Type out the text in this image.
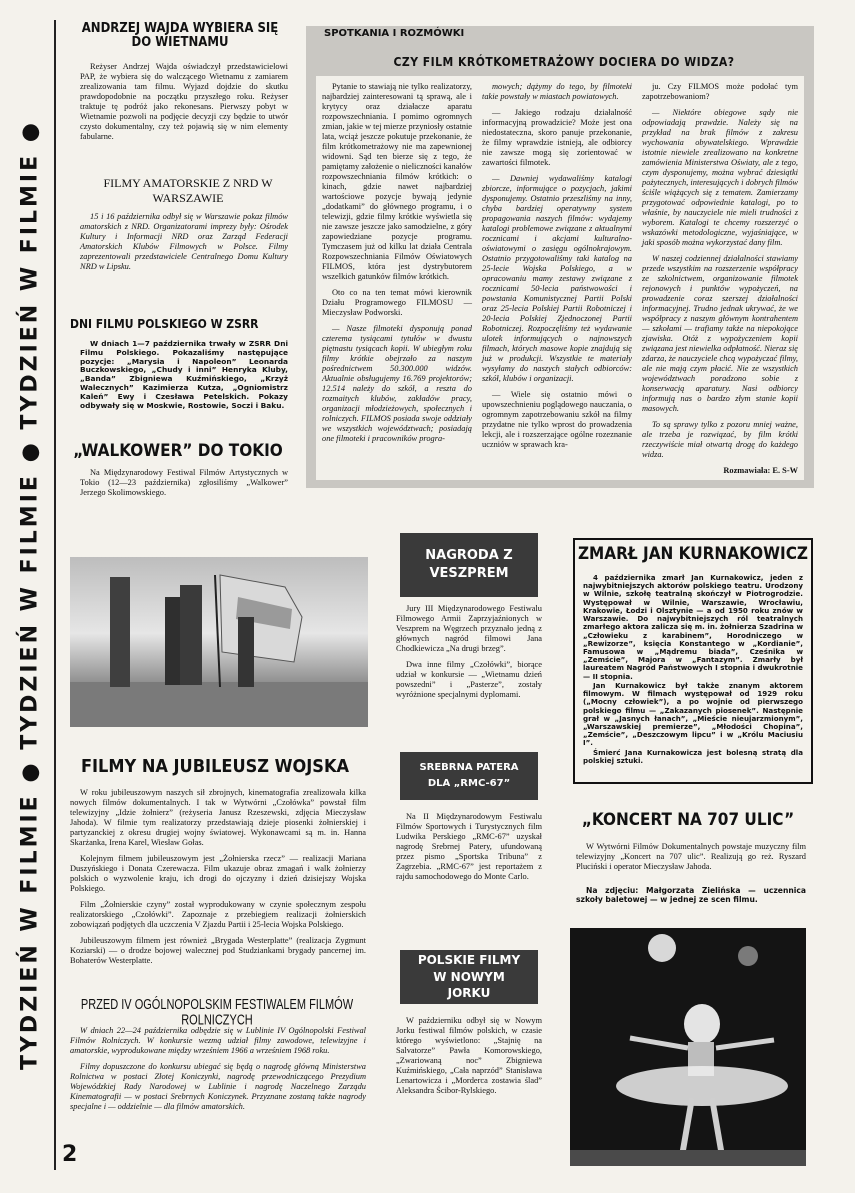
TYDZIEŃ W FILMIE ● TYDZIEŃ W FILMIE ● TYDZIEŃ W FILMIE ●
2
ANDRZEJ WAJDA WYBIERA SIĘ DO WIETNAMU
Reżyser Andrzej Wajda oświadczył przedstawicielowi PAP, że wybiera się do walczącego Wietnamu z zamiarem zrealizowania tam filmu. Wyjazd dojdzie do skutku prawdopodobnie na początku przyszłego roku. Reżyser traktuje tę podróż jako rekonesans. Pierwszy pobyt w Wietnamie pozwoli na podjęcie decyzji czy będzie to utwór czysto dokumentalny, czy też pojawią się w nim elementy fabularne.
FILMY AMATORSKIE Z NRD W WARSZAWIE
15 i 16 października odbył się w Warszawie pokaz filmów amatorskich z NRD. Organizatorami imprezy były: Ośrodek Kultury i Informacji NRD oraz Zarząd Federacji Amatorskich Klubów Filmowych w Polsce. Filmy zaprezentowali przedstawiciele Centralnego Domu Kultury NRD w Lipsku.
DNI FILMU POLSKIEGO W ZSRR
W dniach 1—7 października trwały w ZSRR Dni Filmu Polskiego. Pokazaliśmy następujące pozycje: „Marysia i Napoleon” Leonarda Buczkowskiego, „Chudy i inni” Henryka Kluby, „Banda” Zbigniewa Kuźmińskiego, „Krzyż Walecznych” Kazimierza Kutza, „Ogniomistrz Kaleń” Ewy i Czesława Petelskich. Pokazy odbywały się w Moskwie, Rostowie, Soczi i Baku.
„WALKOWER” DO TOKIO
Na Międzynarodowy Festiwal Filmów Artystycznych w Tokio (12—23 października) zgłosiliśmy „Walkower” Jerzego Skolimowskiego.
SPOTKANIA I ROZMÓWKI
CZY FILM KRÓTKOMETRAŻOWY DOCIERA DO WIDZA?

Pytanie to stawiają nie tylko realizatorzy, najbardziej zainteresowani tą sprawą, ale i krytycy oraz działacze aparatu rozpowszechniania. I pomimo ogromnych zmian, jakie w tej mierze przyniosły ostatnie lata, wciąż jeszcze pokutuje przekonanie, że film krótkometrażowy nie ma zapewnionej widowni. Sąd ten bierze się z tego, że pamiętamy założenie o nieliczności kanałów rozpowszechniania filmów krótkich: o kinach, gdzie nawet najbardziej wartościowe pozycje bywają jedynie „dodatkami” do głównego programu, i o telewizji, gdzie filmy krótkie wyświetla się nie zawsze jeszcze jako samodzielne, z góry zapowiedziane pozycje programu. Tymczasem już od kilku lat działa Centrala Rozpowszechniania Filmów Oświatowych FILMOS, która jest dystrybutorem wszelkich gatunków filmów krótkich.

Oto co na ten temat mówi kierownik Działu Programowego FILMOSU — Mieczysław Podworski.

— Nasze filmoteki dysponują ponad czterema tysiącami tytułów w dwustu piętnastu tysiącach kopii. W ubiegłym roku filmy krótkie obejrzało za naszym pośrednictwem 50.300.000 widzów. Aktualnie obsługujemy 16.769 projektorów; 12.514 należy do szkół, a reszta do rozmaitych klubów, zakładów pracy, organizacji młodzieżowych, społecznych i rolniczych. FILMOS posiada swoje oddziały we wszystkich województwach; posiadają one filmoteki i pracowników progra-

mowych; dążymy do tego, by filmoteki takie powstały w miastach powiatowych.

— Jakiego rodzaju działalność informacyjną prowadzicie? Może jest ona niedostateczna, skoro panuje przekonanie, że filmy wprawdzie istnieją, ale odbiorcy nie zawsze mogą się zorientować w zawartości filmotek.

— Dawniej wydawaliśmy katalogi zbiorcze, informujące o pozycjach, jakimi dysponujemy. Ostatnio przeszliśmy na inny, chyba bardziej operatywny system propagowania naszych filmów: wydajemy katalogi problemowe związane z aktualnymi rocznicami i akcjami kulturalno-oświatowymi o zasięgu ogólnokrajowym. Ostatnio przygotowaliśmy taki katalog na 25-lecie Wojska Polskiego, a w opracowaniu mamy zestawy związane z rocznicami 50-lecia państwowości i powstania Komunistycznej Partii Polski oraz 25-lecia Polskiej Partii Robotniczej i 20-lecia Polskiej Zjednoczonej Partii Robotniczej. Rozpoczęliśmy też wydawanie ulotek informujących o najnowszych filmach, których masowe kopie znajdują się już w produkcji. Wszystkie te materiały wysyłamy do naszych stałych odbiorców: szkół, klubów i organizacji.

— Wiele się ostatnio mówi o upowszechnieniu poglądowego nauczania, o ogromnym zapotrzebowaniu szkół na filmy przydatne nie tylko wprost do prowadzenia lekcji, ale i rozszerzające ogólne rozeznanie uczniów w sprawach kra-

ju. Czy FILMOS może podołać tym zapotrzebowaniom?

— Niektóre obiegowe sądy nie odpowiadają prawdzie. Należy się na przykład na brak filmów z zakresu wychowania obywatelskiego. Wprawdzie istotnie niewiele zrealizowano na konkretne zamówienia Ministerstwa Oświaty, ale z tego, czym dysponujemy, można wybrać dziesiątki pożytecznych, interesujących i dobrych filmów ściśle wiążących się z tematem. Zamierzamy przygotować odpowiednie katalogi, po to właśnie, by nauczyciele nie mieli trudności z wyborem. Katalogi te chcemy rozszerzyć o wskazówki metodologiczne, wyjaśniające, w jaki sposób można wykorzystać dany film.

W naszej codziennej działalności stawiamy przede wszystkim na rozszerzenie współpracy ze szkolnictwem, organizowanie filmotek rejonowych i punktów wypożyczeń, na prowadzenie coraz szerszej działalności informacyjnej. Trudno jednak ukrywać, że we współpracy z naszym głównym kontrahentem — szkołami — trafiamy także na niepokojące zjawiska. Otóż z wypożyczeniem kopii związana jest niewielka odpłatność. Nieraz się zdarza, że nauczyciele chcą wypożyczać filmy, ale nie mają czym płacić. Nie ze wszystkich województwach poradzono sobie z konserwacją aparatury. Nasi odbiorcy informują nas o bardzo złym stanie kopii masowych.

To są sprawy tylko z pozoru mniej ważne, ale trzeba je rozwiązać, by film krótki rzeczywiście miał otwartą drogę do każdego widza.

Rozmawiała: E. S-W
FILMY NA JUBILEUSZ WOJSKA

W roku jubileuszowym naszych sił zbrojnych, kinematografia zrealizowała kilka nowych filmów dokumentalnych. I tak w Wytwórni „Czołówka” powstał film telewizyjny „Idzie żołnierz” (reżyseria Janusz Rzeszewski, zdjęcia Mieczysław Jahoda). W filmie tym realizatorzy przedstawiają dzieje piosenki żołnierskiej i partyzanckiej z okresu drugiej wojny światowej. Wykonawcami są m. in. Hanna Skarżanka, Irena Karel, Wiesław Gołas.

Kolejnym filmem jubileuszowym jest „Żołnierska rzecz” — realizacji Mariana Duszyńskiego i Donata Czerewacza. Film ukazuje obraz zmagań i walk żołnierzy polskich o wyzwolenie kraju, ich drogi do ojczyzny i dzień dzisiejszy Wojska Polskiego.

Film „Żołnierskie czyny” został wyprodukowany w czynie społecznym zespołu realizatorskiego „Czołówki”. Zapoznaje z przebiegiem realizacji żołnierskich zobowiązań podjętych dla uczczenia V Zjazdu Partii i 25-lecia Wojska Polskiego.

Jubileuszowym filmem jest również „Brygada Westerplatte” (realizacja Zygmunt Koziarski) — o drodze bojowej walecznej pod Studziankami brygady pancernej im. Bohaterów Westerplatte.

PRZED IV OGÓLNOPOLSKIM FESTIWALEM FILMÓW ROLNICZYCH

W dniach 22—24 października odbędzie się w Lublinie IV Ogólnopolski Festiwal Filmów Rolniczych. W konkursie wezmą udział filmy zawodowe, telewizyjne i amatorskie, wyprodukowane między wrześniem 1966 a wrześniem 1968 roku.

Filmy dopuszczone do konkursu ubiegać się będą o nagrodę główną Ministerstwa Rolnictwa w postaci Złotej Koniczynki, nagrodę przewodniczącego Prezydium Wojewódzkiej Rady Narodowej w Lublinie i nagrodę Naczelnego Zarządu Kinematografii — w postaci Srebrnych Koniczynek. Przyznane zostaną także nagrody specjalne i — oddzielnie — dla filmów amatorskich.

NAGRODA Z VESZPREM

Jury III Międzynarodowego Festiwalu Filmowego Armii Zaprzyjaźnionych w Veszprem na Węgrzech przyznało jedną z głównych nagród filmowi Jana Chodkiewicza „Na drugi brzeg”.

Dwa inne filmy „Czołówki”, biorące udział w konkursie — „Wietnamu dzień powszedni” i „Pasterze”, zostały wyróżnione specjalnymi dyplomami.

SREBRNA PATERA DLA „RMC-67”
Na II Międzynarodowym Festiwalu Filmów Sportowych i Turystycznych film Ludwika Perskiego „RMC-67” uzyskał nagrodę Srebrnej Patery, ufundowaną przez pismo „Sportska Tribuna” z Zagrzebia. „RMC-67” jest reportażem z rajdu samochodowego do Monte Carlo.
POLSKIE FILMY W NOWYM JORKU
W październiku odbył się w Nowym Jorku festiwal filmów polskich, w czasie którego wyświetlono: „Stajnię na Salvatorze” Pawła Komorowskiego, „Zwariowaną noc” Zbigniewa Kuźmińskiego, „Cała naprzód” Stanisława Lenartowicza i „Morderca zostawia ślad” Aleksandra Ścibor-Rylskiego.
ZMARŁ JAN KURNAKOWICZ

4 października zmarł Jan Kurnakowicz, jeden z najwybitniejszych aktorów polskiego teatru. Urodzony w Wilnie, szkołę teatralną skończył w Piotrogrodzie. Występował w Wilnie, Warszawie, Wrocławiu, Krakowie, Łodzi i Olsztynie — a od 1950 roku znów w Warszawie. Do najwybitniejszych ról teatralnych zmarłego aktora zalicza się m. in. żołnierza Szadrina w „Człowieku z karabinem”, Horodniczego w „Rewizorze”, księcia Konstantego w „Kordianie”, Famusowa w „Mądremu biada”, Cześnika w „Zemście”, Majora w „Fantazym”. Zmarły był laureatem Nagród Państwowych I stopnia i dwukrotnie — II stopnia.

Jan Kurnakowicz był także znanym aktorem filmowym. W filmach występował od 1929 roku („Mocny człowiek”), a po wojnie od pierwszego polskiego filmu — „Zakazanych piosenek”. Następnie grał w „Jasnych łanach”, „Mieście nieujarzmionym”, „Warszawskiej premierze”, „Młodości Chopina”, „Zemście”, „Deszczowym lipcu” i w „Królu Maciusiu I”.

Śmierć Jana Kurnakowicza jest bolesną stratą dla polskiej sztuki.

„KONCERT NA 707 ULIC”
W Wytwórni Filmów Dokumentalnych powstaje muzyczny film telewizyjny „Koncert na 707 ulic”. Realizują go reż. Ryszard Pluciński i operator Mieczysław Jahoda.
Na zdjęciu: Małgorzata Zielińska — uczennica szkoły baletowej — w jednej ze scen filmu.
